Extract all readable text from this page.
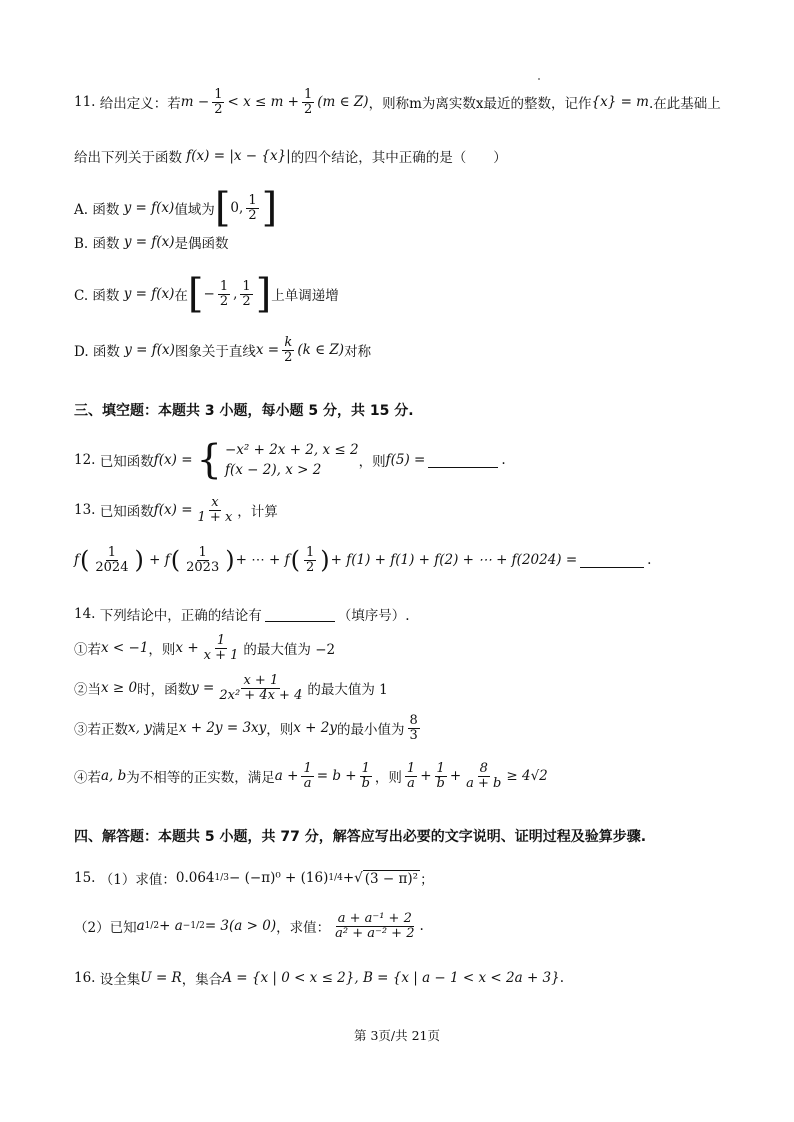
11.
给出定义：若 $m - \frac{1}{2} < x \le m + \frac{1}{2} (m$ ∈ Z) ，则称m为离实数x最近的整数，记作 {x} = m .在此基础上
给出下列关于函数
f(x) = |x − {x}| 的四个结论，其中正确的是（　　）
A. 函数
y = f(x) 值域为 [ 0, $\frac{1}{2}$ ]
B. 函数
y = f(x) 是偶函数
C. 函数
y = f(x) 在 [ − $\frac{1}{2}$ , $\frac{1}{2}$ ] 上单调递增
D. 函数
y = f(x) 图象关于直线 $x = \frac{k}{2} (k$ ∈ Z) 对称
三、填空题：本题共 3 小题，每小题 5 分，共 15 分.
12.
已知函数 f(x) = { −x² + 2x + 2, x ≤ 2
f(x − 2), x > 2	，则 f(5) =	.
13.
已知函数 $f(x) = \frac{x}{1 + x}$ ，计算
f ( $\frac{1}{2024}$ ) + f ( $\frac{1}{2023}$ ) + ⋯ +
f ( $\frac{1}{2}$ ) + f(1) + f(1) + f(2) + ⋯ + f(2024) =	.
14.
下列结论中，正确的结论有	（填序号）.
①若 x < −1 ，则 $x + \frac{1}{x + 1}$ 的最大值为 −2
②当 x ≥ 0 时，函数 $y = \frac{x + 1}{\text{2x² + 4x + 4}}$ 的最大值为 1
③若正数 x, y 满足 x + 2y = 3xy ，则 x + 2y 的最小值为 $\frac{8}{3}$
④若 a, b 为不相等的正实数，满足 $a + \frac{1}{a} = b + \frac{1}{b}$ ，则 $\frac{1}{a} + \frac{1}{b} + \frac{8}{a + b} \ge 4√2$
四、解答题：本题共 5 小题，共 77 分，解答应写出必要的文字说明、证明过程及验算步骤.
15.
（1）求值： 0.064 1/3 − (−π)⁰ + (16) 1/4 + √ (3 − π)² ；
（2）已知 a 1/2 + a −1/2 = 3(a > 0) ，求值： $\frac{\text{a + a⁻¹ + 2}}{\text{a² + a⁻² + 2}}$ .
16.
设全集 U = R ，集合 A = {x | 0 < x ≤ 2}, B = {x | a − 1 < x < 2a + 3} .
第 3页/共 21页
